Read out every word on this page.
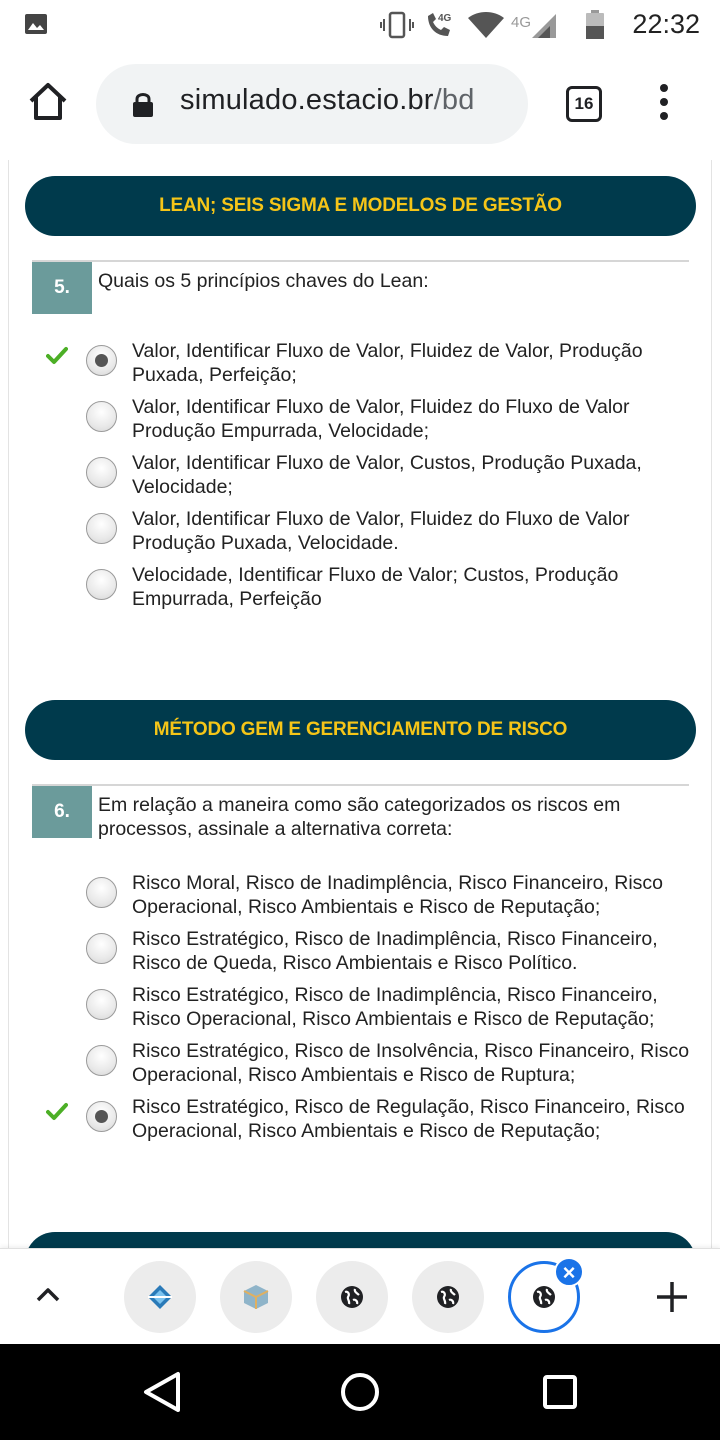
4G	4G	22:32
simulado.estacio.br/bd	16
LEAN; SEIS SIGMA E MODELOS DE GESTÃO
5.	Quais os 5 princípios chaves do Lean:
Valor, Identificar Fluxo de Valor, Fluidez de Valor, Produção Puxada, Perfeição;
Valor, Identificar Fluxo de Valor, Fluidez do Fluxo de Valor Produção Empurrada, Velocidade;
Valor, Identificar Fluxo de Valor, Custos, Produção Puxada, Velocidade;
Valor, Identificar Fluxo de Valor, Fluidez do Fluxo de Valor Produção Puxada, Velocidade.
Velocidade, Identificar Fluxo de Valor; Custos, Produção Empurrada, Perfeição
MÉTODO GEM E GERENCIAMENTO DE RISCO
6.	Em relação a maneira como são categorizados os riscos em processos, assinale a alternativa correta:
Risco Moral, Risco de Inadimplência, Risco Financeiro, Risco Operacional, Risco Ambientais e Risco de Reputação;
Risco Estratégico, Risco de Inadimplência, Risco Financeiro, Risco de Queda, Risco Ambientais e Risco Político.
Risco Estratégico, Risco de Inadimplência, Risco Financeiro, Risco Operacional, Risco Ambientais e Risco de Reputação;
Risco Estratégico, Risco de Insolvência, Risco Financeiro, Risco Operacional, Risco Ambientais e Risco de Ruptura;
Risco Estratégico, Risco de Regulação, Risco Financeiro, Risco Operacional, Risco Ambientais e Risco de Reputação;
×
